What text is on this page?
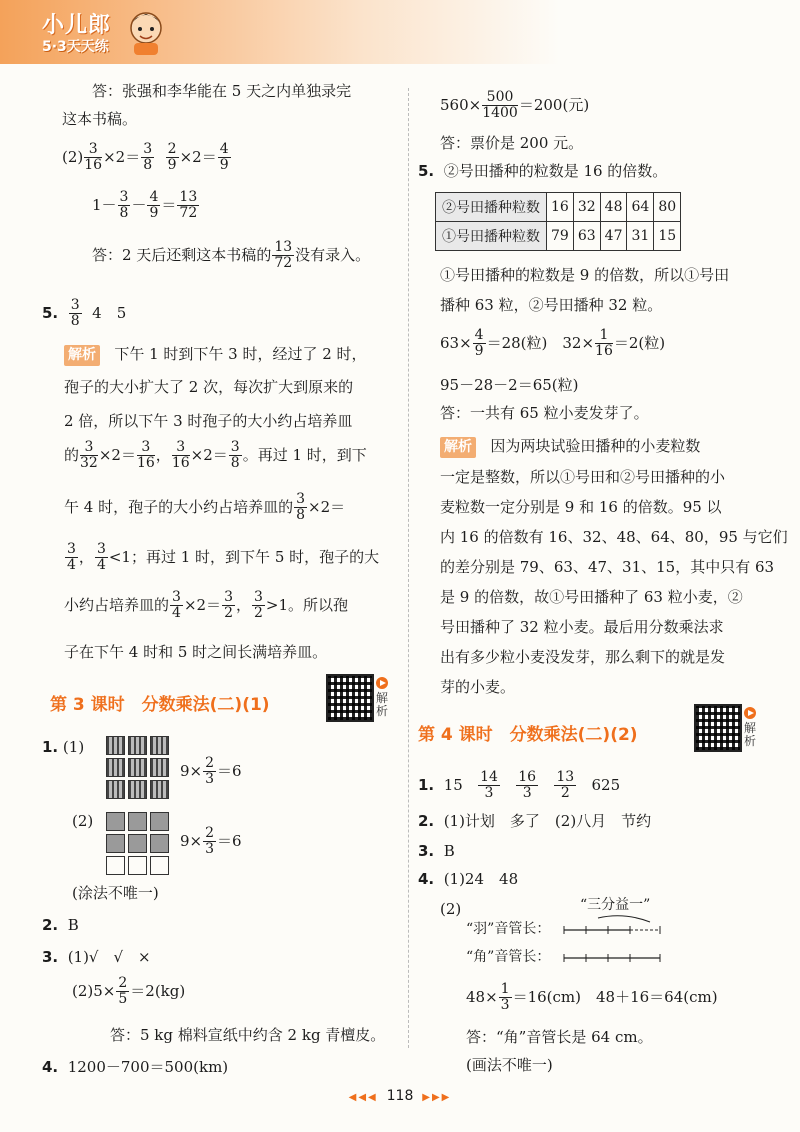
小儿郎
5·3天天练
答：张强和李华能在 5 天之内单独录完
这本书稿。
$(2) \frac{3}{16} \times 2= \frac{3}{8}$
$\frac{2}{9} \times 2= \frac{4}{9}$
$1- \frac{3}{8} - \frac{4}{9} = \frac{13}{72}$
答：2 天后还剩这本书稿的 $\frac{13}{72}$ 没有录入。
5. $\frac{3}{8} 4$　5
解析 下午 1 时到下午 3 时，经过了 2 时，
孢子的大小扩大了 2 次，每次扩大到原来的
2 倍，所以下午 3 时孢子的大小约占培养皿
的 $\frac{3}{32} \times 2= \frac{3}{16}$ ， $\frac{3}{16} \times 2= \frac{3}{8}$ 。再过 1 时，到下
午 4 时，孢子的大小约占培养皿的 $\frac{3}{8} \times 2=$
$\frac{3}{4}$ ， $\frac{3}{4} <1$；再过 1 时，到下午 5 时，孢子的大
小约占培养皿的 $\frac{3}{4} \times 2= \frac{3}{2}$ ， $\frac{3}{2} >1$。所以孢
子在下午 4 时和 5 时之间长满培养皿。
第 3 课时　分数乘法(二)(1)	解析
1. (1)
$9\times \frac{2}{3} =6$
(2)
$9\times \frac{2}{3} =6$
(涂法不唯一)
2. B
3. (1)√　√　×
$(2)5\times \frac{2}{5} =2(kg)$
答：5 kg 棉料宣纸中约含 2 kg 青檀皮。
4. 1200－700＝500(km)
$560\times \frac{500}{1400} =200$(元)
答：票价是 200 元。
5. ②号田播种的粒数是 16 的倍数。
②号田播种粒数	16	32	48	64	80
①号田播种粒数	79	63	47	31	15
①号田播种的粒数是 9 的倍数，所以①号田
播种 63 粒，②号田播种 32 粒。
$63\times \frac{4}{9} =28$(粒)　$32\times \frac{1}{16} =2$(粒)
95－28－2＝65(粒)
答：一共有 65 粒小麦发芽了。
解析 因为两块试验田播种的小麦粒数
一定是整数，所以①号田和②号田播种的小
麦粒数一定分别是 9 和 16 的倍数。95 以
内 16 的倍数有 16、32、48、64、80，95 与它们
的差分别是 79、63、47、31、15，其中只有 63
是 9 的倍数，故①号田播种了 63 粒小麦，②
号田播种了 32 粒小麦。最后用分数乘法求
出有多少粒小麦没发芽，那么剩下的就是发
芽的小麦。
第 4 课时　分数乘法(二)(2)	解析
1. $15 \frac{14}{3}$
$\frac{16}{3}$
$\frac{13}{2} 625$
2. (1)计划　多了　(2)八月　节约
3. B
4. (1)24　48
(2)	“三分益一”
“羽”音管长：
“角”音管长：
$48\times \frac{1}{3} =16(cm)$　48＋16＝64(cm)
答：“角”音管长是 64 cm。
(画法不唯一)
◀◀◀ 118 ▶▶▶
